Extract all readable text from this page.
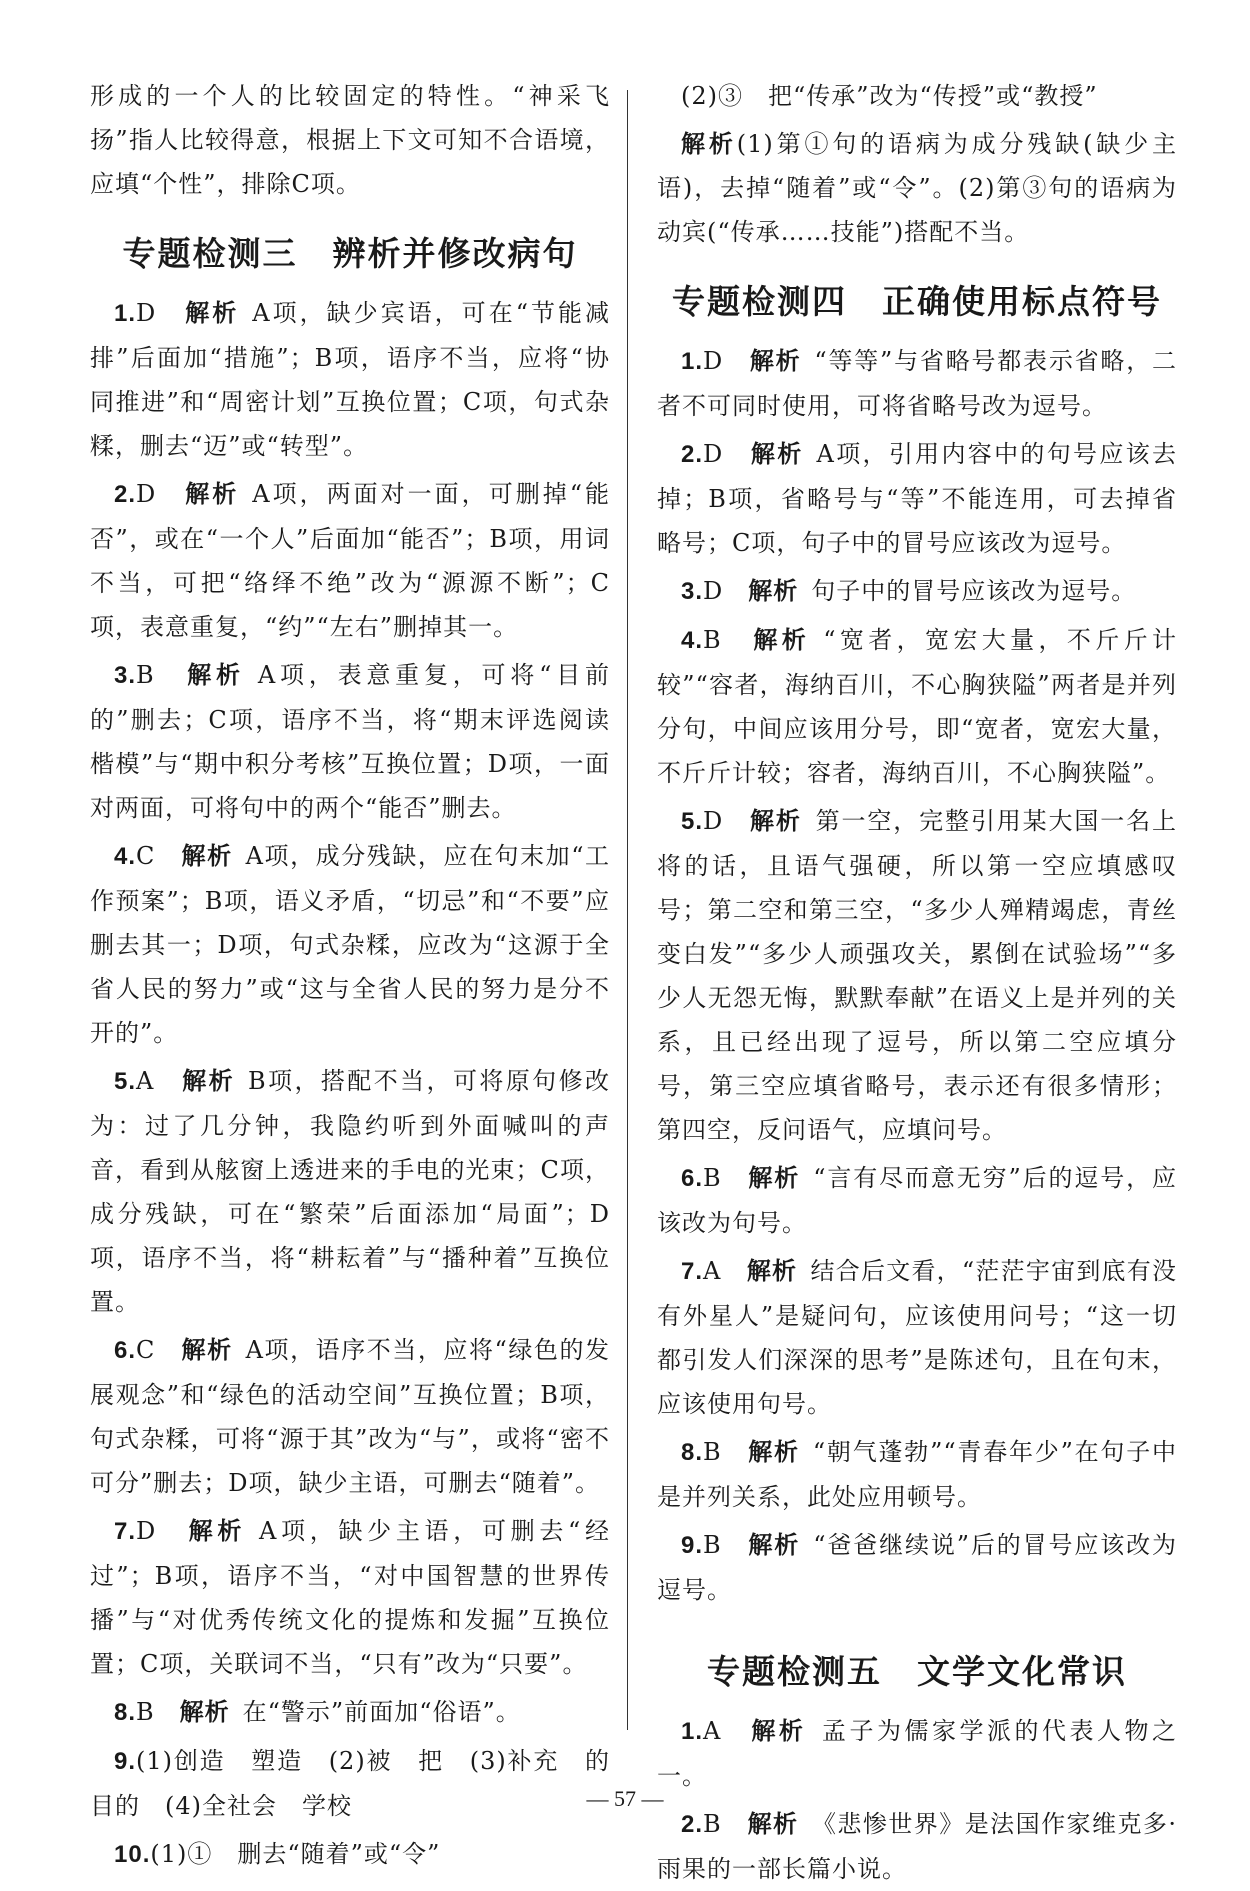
形成的一个人的比较固定的特性。“神采飞扬”指人比较得意，根据上下文可知不合语境，应填“个性”，排除C项。

专题检测三　辨析并修改病句

1.D　 解析  A项，缺少宾语，可在“节能减排”后面加“措施”；B项，语序不当，应将“协同推进”和“周密计划”互换位置；C项，句式杂糅，删去“迈”或“转型”。

2.D　 解析  A项，两面对一面，可删掉“能否”，或在“一个人”后面加“能否”；B项，用词不当，可把“络绎不绝”改为“源源不断”；C项，表意重复，“约”“左右”删掉其一。

3.B　 解析  A项，表意重复，可将“目前的”删去；C项，语序不当，将“期末评选阅读楷模”与“期中积分考核”互换位置；D项，一面对两面，可将句中的两个“能否”删去。

4.C　 解析  A项，成分残缺，应在句末加“工作预案”；B项，语义矛盾，“切忌”和“不要”应删去其一；D项，句式杂糅，应改为“这源于全省人民的努力”或“这与全省人民的努力是分不开的”。

5.A　 解析  B项，搭配不当，可将原句修改为：过了几分钟，我隐约听到外面喊叫的声音，看到从舷窗上透进来的手电的光束；C项，成分残缺，可在“繁荣”后面添加“局面”；D项，语序不当，将“耕耘着”与“播种着”互换位置。

6.C　 解析  A项，语序不当，应将“绿色的发展观念”和“绿色的活动空间”互换位置；B项，句式杂糅，可将“源于其”改为“与”，或将“密不可分”删去；D项，缺少主语，可删去“随着”。

7.D　 解析  A项，缺少主语，可删去“经过”；B项，语序不当，“对中国智慧的世界传播”与“对优秀传统文化的提炼和发掘”互换位置；C项，关联词不当，“只有”改为“只要”。

8.B　 解析  在“警示”前面加“俗语”。

9.(1)创造　塑造　(2)被　把　(3)补充　的目的　(4)全社会　学校

10.(1)①　删去“随着”或“令”

(2)③　把“传承”改为“传授”或“教授”

解析(1)第①句的语病为成分残缺(缺少主语)，去掉“随着”或“令”。(2)第③句的语病为动宾(“传承……技能”)搭配不当。

专题检测四　正确使用标点符号

1.D　 解析  “等等”与省略号都表示省略，二者不可同时使用，可将省略号改为逗号。

2.D　 解析  A项，引用内容中的句号应该去掉；B项，省略号与“等”不能连用，可去掉省略号；C项，句子中的冒号应该改为逗号。

3.D　 解析  句子中的冒号应该改为逗号。

4.B　 解析  “宽者，宽宏大量，不斤斤计较”“容者，海纳百川，不心胸狭隘”两者是并列分句，中间应该用分号，即“宽者，宽宏大量，不斤斤计较；容者，海纳百川，不心胸狭隘”。

5.D　 解析  第一空，完整引用某大国一名上将的话，且语气强硬，所以第一空应填感叹号；第二空和第三空，“多少人殚精竭虑，青丝变白发”“多少人顽强攻关，累倒在试验场”“多少人无怨无悔，默默奉献”在语义上是并列的关系，且已经出现了逗号，所以第二空应填分号，第三空应填省略号，表示还有很多情形；第四空，反问语气，应填问号。

6.B　 解析  “言有尽而意无穷”后的逗号，应该改为句号。

7.A　 解析  结合后文看，“茫茫宇宙到底有没有外星人”是疑问句，应该使用问号；“这一切都引发人们深深的思考”是陈述句，且在句末，应该使用句号。

8.B　 解析  “朝气蓬勃”“青春年少”在句子中是并列关系，此处应用顿号。

9.B　 解析  “爸爸继续说”后的冒号应该改为逗号。

专题检测五　文学文化常识

1.A　 解析  孟子为儒家学派的代表人物之一。

2.B　 解析  《悲惨世界》是法国作家维克多·雨果的一部长篇小说。

— 57 —
